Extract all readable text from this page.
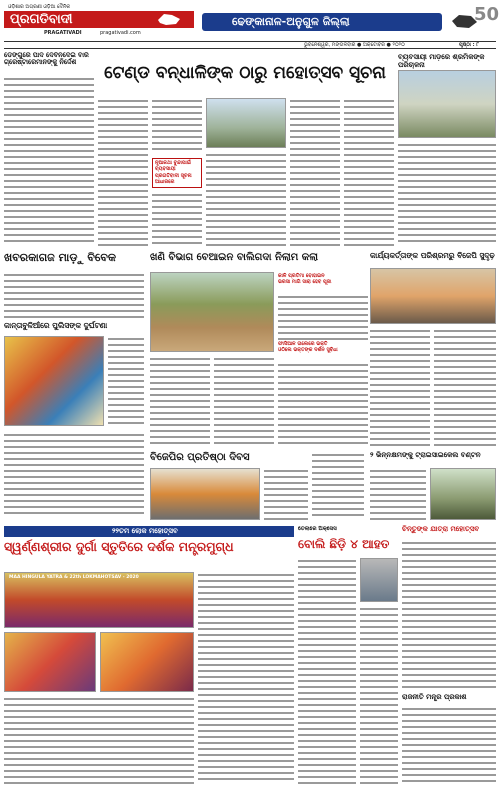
ଓଡ଼ିଶାର ଅଗ୍ରଣୀ ଓଡ଼ିଆ ଦୈନିକ
ପ୍ରଗତିବାଦୀ
PRAGATIVADI	pragativadi.com
ଢେଙ୍କାନାଳ-ଅନୁଗୁଳ ଜିଲ୍ଲା	50
ଭୁବନେଶ୍ୱର, ମଙ୍ଗଳବାର ● ଅକ୍ଟୋବର ● ୨୦୨୦	ପୃଷ୍ଠା : ୮
ଡେଙ୍ଗୁରେ ପାଦ ଦେବିନଦେଇ ବାରି ଗ୍ରେଷ୍ଟାରେମାନଙ୍କୁ ନିର୍ଦ୍ଦେଶ
ଟେଣ୍ଡ ବନ୍ଧାଳିଙ୍କ ଠାରୁ ମହୋତ୍ସବ ସୂଚନା
ନୂଆକଥା ବୁନ୍ଦାପାଇଁ ବ୍ୟବସାୟୀ
ପ୍ରଗତିବାଦୀ ସୂଚନା ଆଧାରରେ
ବ୍ୟବସାୟୀ ମାଡ଼ରେ ଶ୍ରମିକଙ୍କ ପରିଚାଳନା
ଖବରକାଗଜ ମାଡ଼ୁ ବିବେକ	ଖଣି ବିଭାଗ ବେଆଇନ ବାଲିଗଦା ନିଲାମ କଲା	କାର୍ଯ୍ୟକର୍ତ୍ତାଙ୍କ ପରିଶ୍ରମରୁ ବିଜେପି ସୁଦୃଢ଼
କାନ୍ତାବୁଳିଆଁରେ ପୁଲିସଙ୍କ ଦୁର୍ଘଟଣା
କାଳି ପ୍ରତିମା ବୋହାଇନ
ଭରସା ମାଗି ସାରା ହେବ ପୂଜା
ଫାସିଆଳ ତାଲେରେ ଭକ୍ତି
ଓଠିଲେ ଭକ୍ତଙ୍କ ଦର୍ଶନ ସୁବିଧା
ବିଜେପିର ପ୍ରତିଷ୍ଠା ଦିବସ	୨ ଭିନ୍ନକ୍ଷମଙ୍କୁ ଟ୍ରାଇସାଇକେଲ ବଣ୍ଟନ
୨୨ତମ ଲୋକ ମହୋତ୍ସବ
ସ୍ୱର୍ଣ୍ଣଶ୍ରୀର ଦୁର୍ଗା ସ୍ତୁତିରେ ଦର୍ଶକ ମନ୍ତ୍ରମୁଗ୍ଧ
MAA HINGULA YATRA & 22th LOKMAHOTSAV - 2020
ତେଲାରେ ଅକ୍ସେସ
ବୋଲି ଛିଡ଼ି ୪ ଆହତ
ଚିନ୍ତୁଙ୍କ ଯାତ୍ରା ମହୋତ୍ସବ
ରାଜନୀତି ମନ୍ତ୍ର ପ୍ରକାଶ
